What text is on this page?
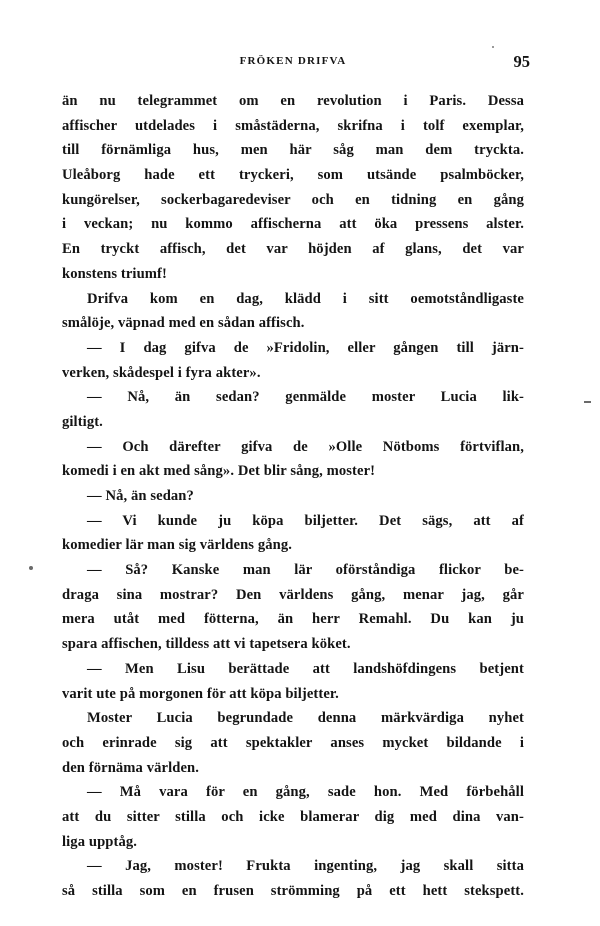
FRÖKEN DRIFVA	95
än nu telegrammet om en revolution i Paris. Dessa
affischer utdelades i småstäderna, skrifna i tolf exemplar,
till förnämliga hus, men här såg man dem tryckta.
Uleåborg hade ett tryckeri, som utsände psalmböcker,
kungörelser, sockerbagaredeviser och en tidning en gång
i veckan; nu kommo affischerna att öka pressens alster.
En tryckt affisch, det var höjden af glans, det var
konstens triumf!
Drifva kom en dag, klädd i sitt oemotståndligaste
smålöje, väpnad med en sådan affisch.
— I dag gifva de »Fridolin, eller gången till järn-
verken, skådespel i fyra akter».
— Nå, än sedan? genmälde moster Lucia lik-
giltigt.
— Och därefter gifva de »Olle Nötboms förtviflan,
komedi i en akt med sång». Det blir sång, moster!
— Nå, än sedan?
— Vi kunde ju köpa biljetter. Det sägs, att af
komedier lär man sig världens gång.
— Så? Kanske man lär oförståndiga flickor be-
draga sina mostrar? Den världens gång, menar jag, går
mera utåt med fötterna, än herr Remahl. Du kan ju
spara affischen, tilldess att vi tapetsera köket.
— Men Lisu berättade att landshöfdingens betjent
varit ute på morgonen för att köpa biljetter.
Moster Lucia begrundade denna märkvärdiga nyhet
och erinrade sig att spektakler anses mycket bildande i
den förnäma världen.
— Må vara för en gång, sade hon. Med förbehåll
att du sitter stilla och icke blamerar dig med dina van-
liga upptåg.
— Jag, moster! Frukta ingenting, jag skall sitta
så stilla som en frusen strömming på ett hett stekspett.
